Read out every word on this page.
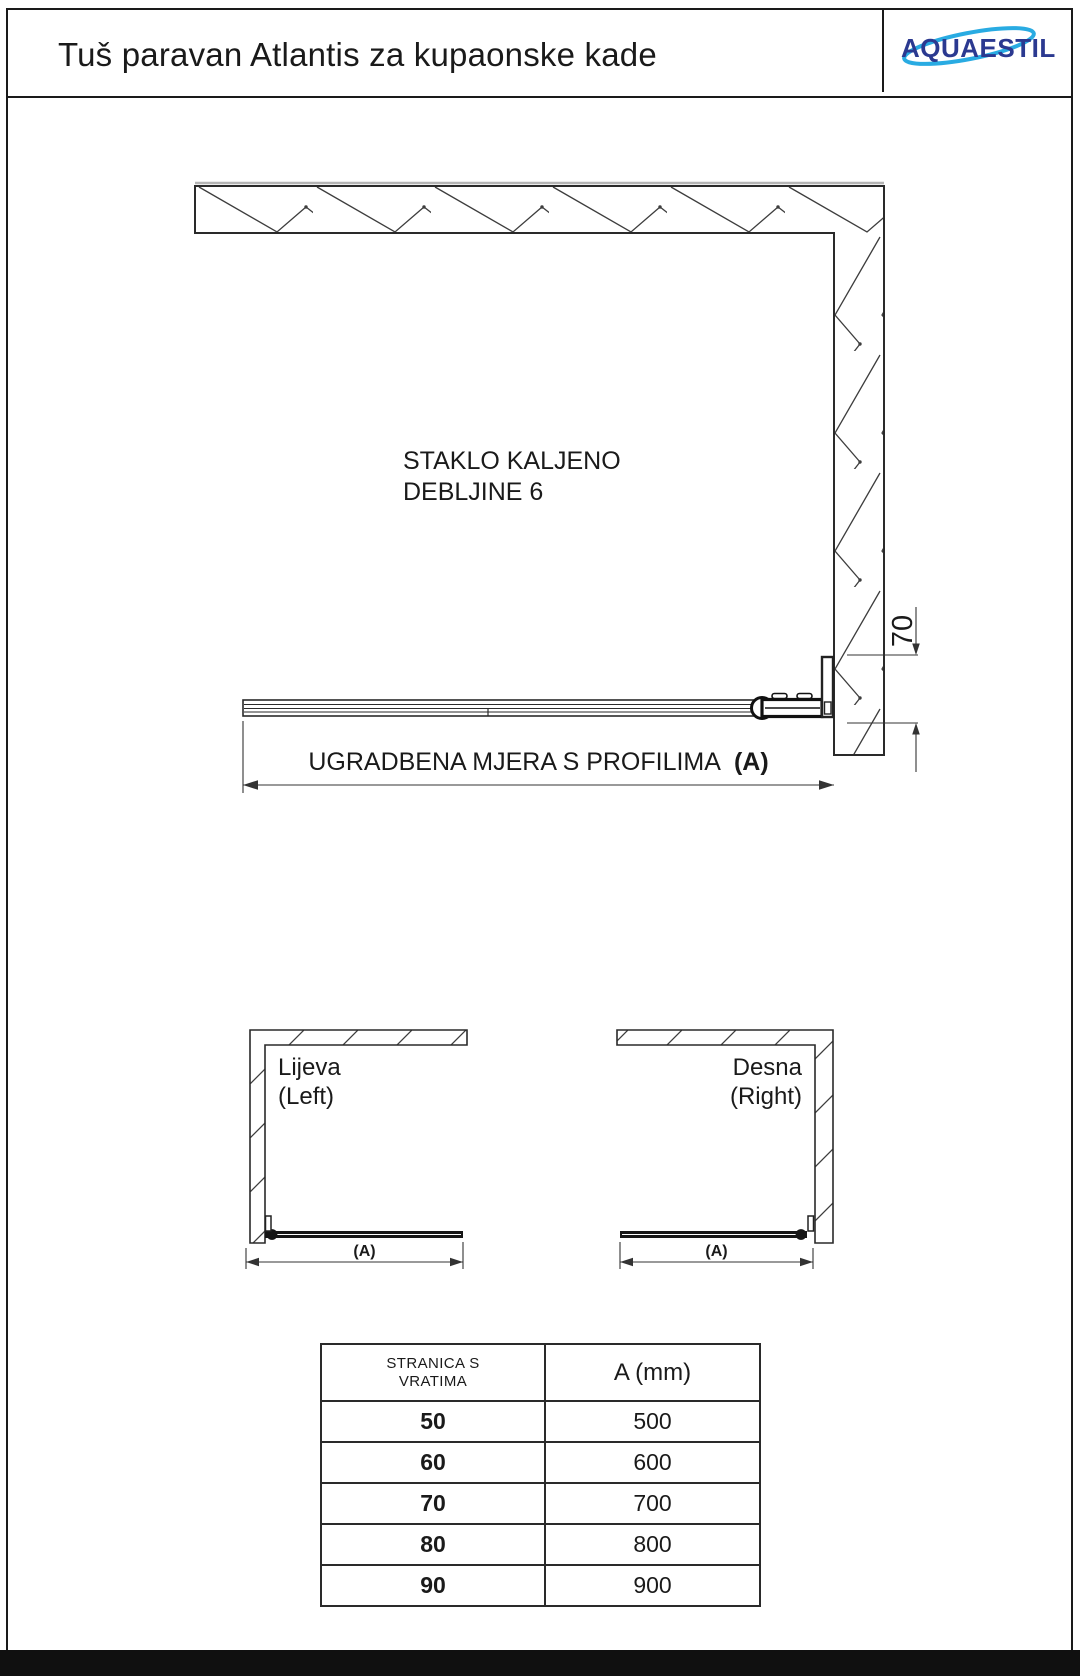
Tuš paravan Atlantis za kupaonske kade	AQUAESTIL
STAKLO KALJENO
DEBLJINE 6
UGRADBENA MJERA S PROFILIMA (A)
70
Lijeva
(Left)
Desna
(Right)
(A)	(A)
STRANICA S
VRATIMA	A (mm)
50	500
60	600
70	700
80	800
90	900
